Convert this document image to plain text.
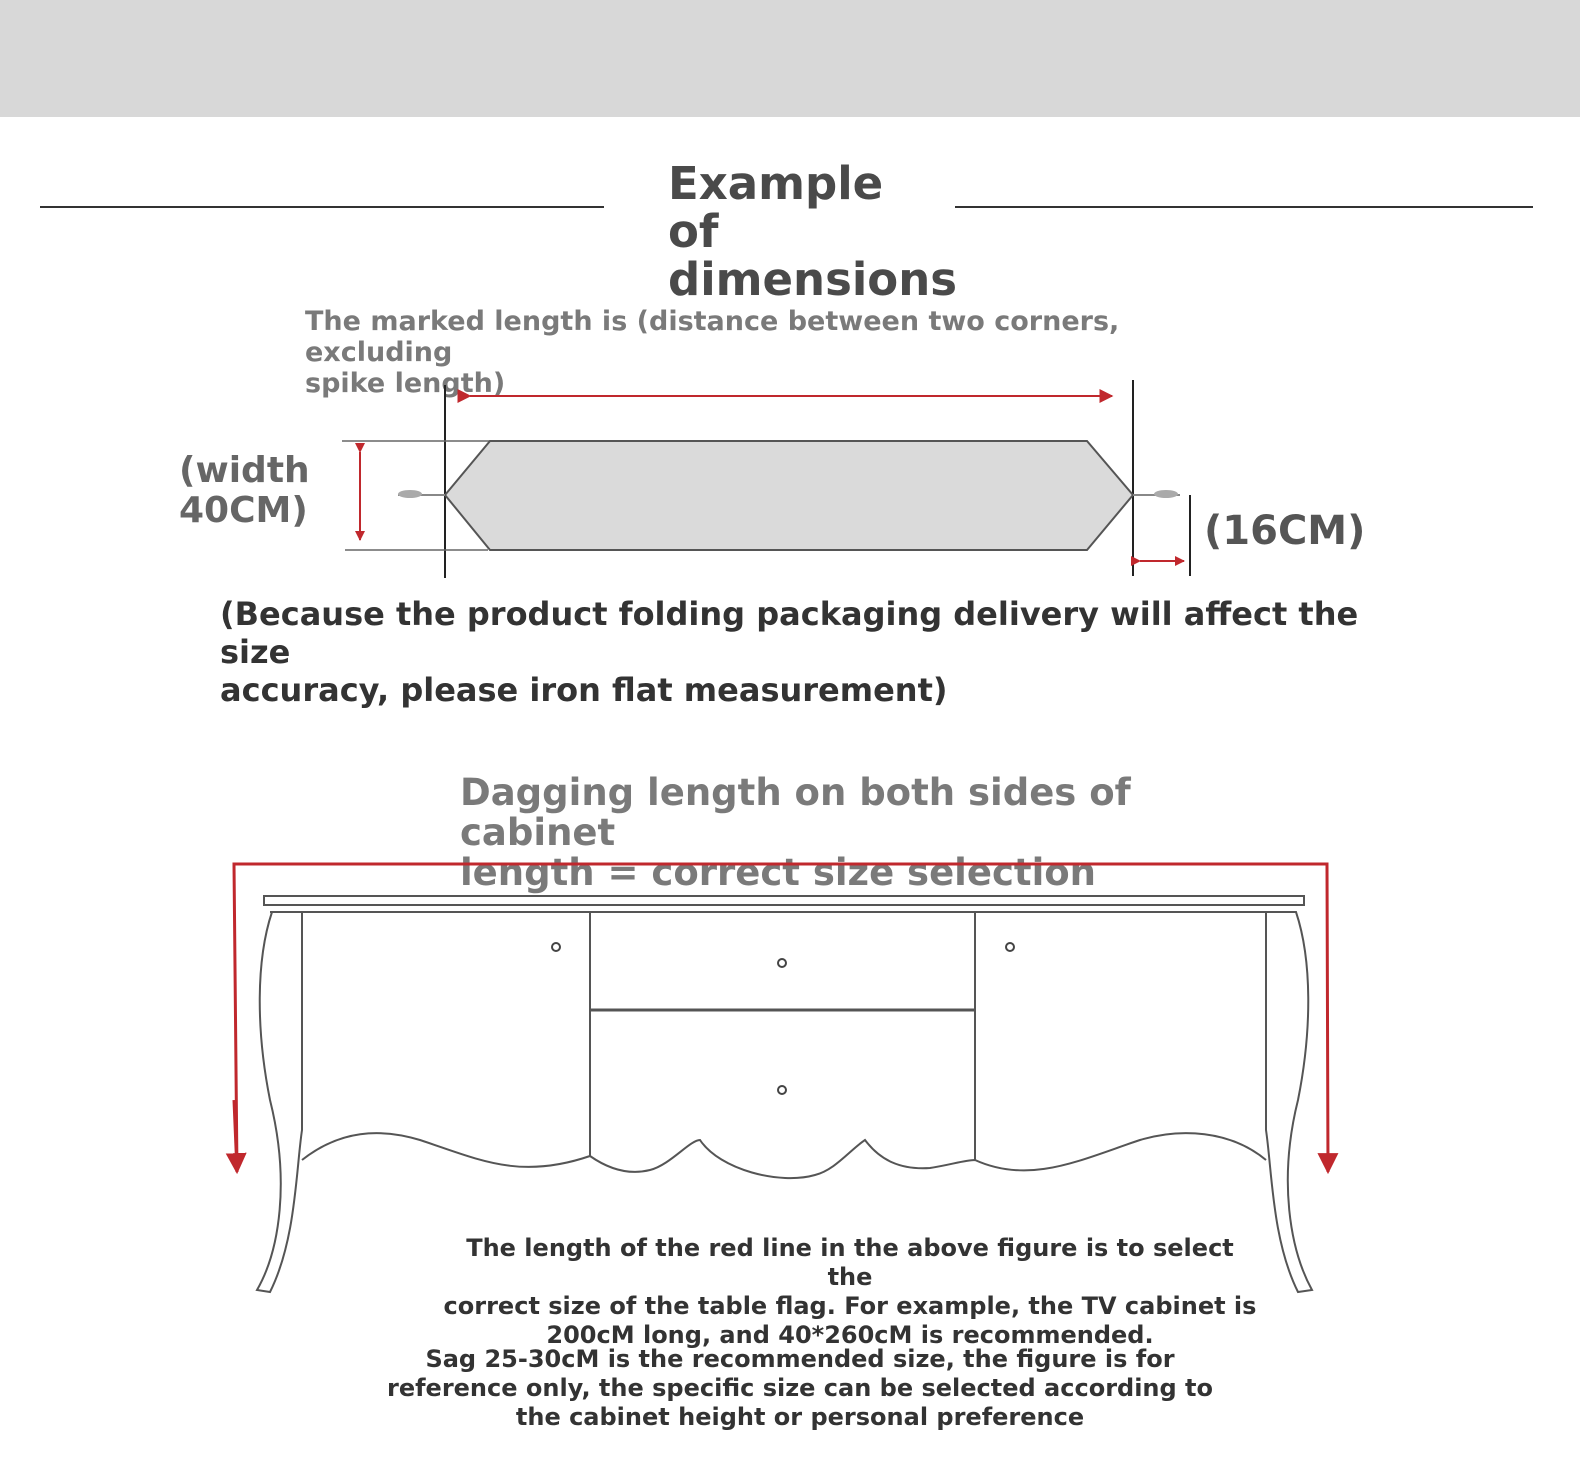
Example of
dimensions
The marked length is (distance between two corners, excluding
spike length)
(width
40CM)	(16CM)
(Because the product folding packaging delivery will affect the size
accuracy, please iron flat measurement)
Dagging length on both sides of cabinet
length = correct size selection
The length of the red line in the above figure is to select the
correct size of the table flag. For example, the TV cabinet is
200cM long, and 40*260cM is recommended.
Sag 25-30cM is the recommended size, the figure is for
reference only, the specific size can be selected according to
the cabinet height or personal preference
